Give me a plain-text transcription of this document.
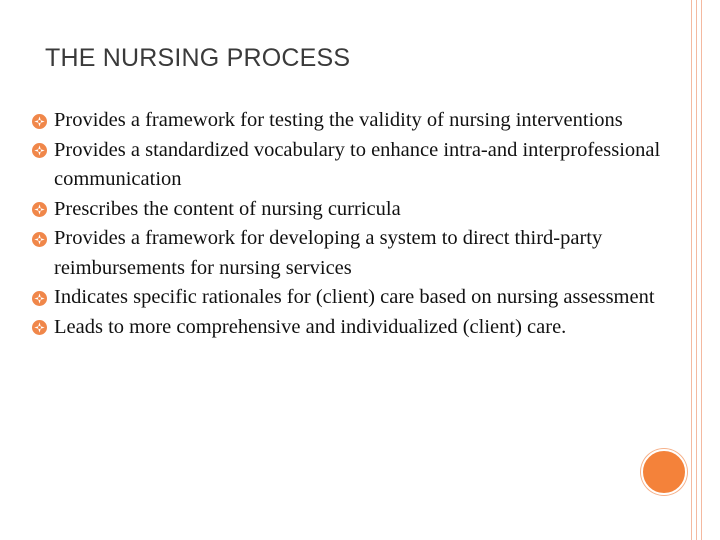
THE NURSING PROCESS
Provides a framework for testing the validity of nursing interventions
Provides a standardized vocabulary to enhance intra-and interprofessional communication
Prescribes the content of nursing curricula
Provides a framework for developing a system to direct third-party reimbursements for nursing services
Indicates specific rationales for (client) care based on nursing assessment
Leads to more comprehensive and individualized (client) care.
